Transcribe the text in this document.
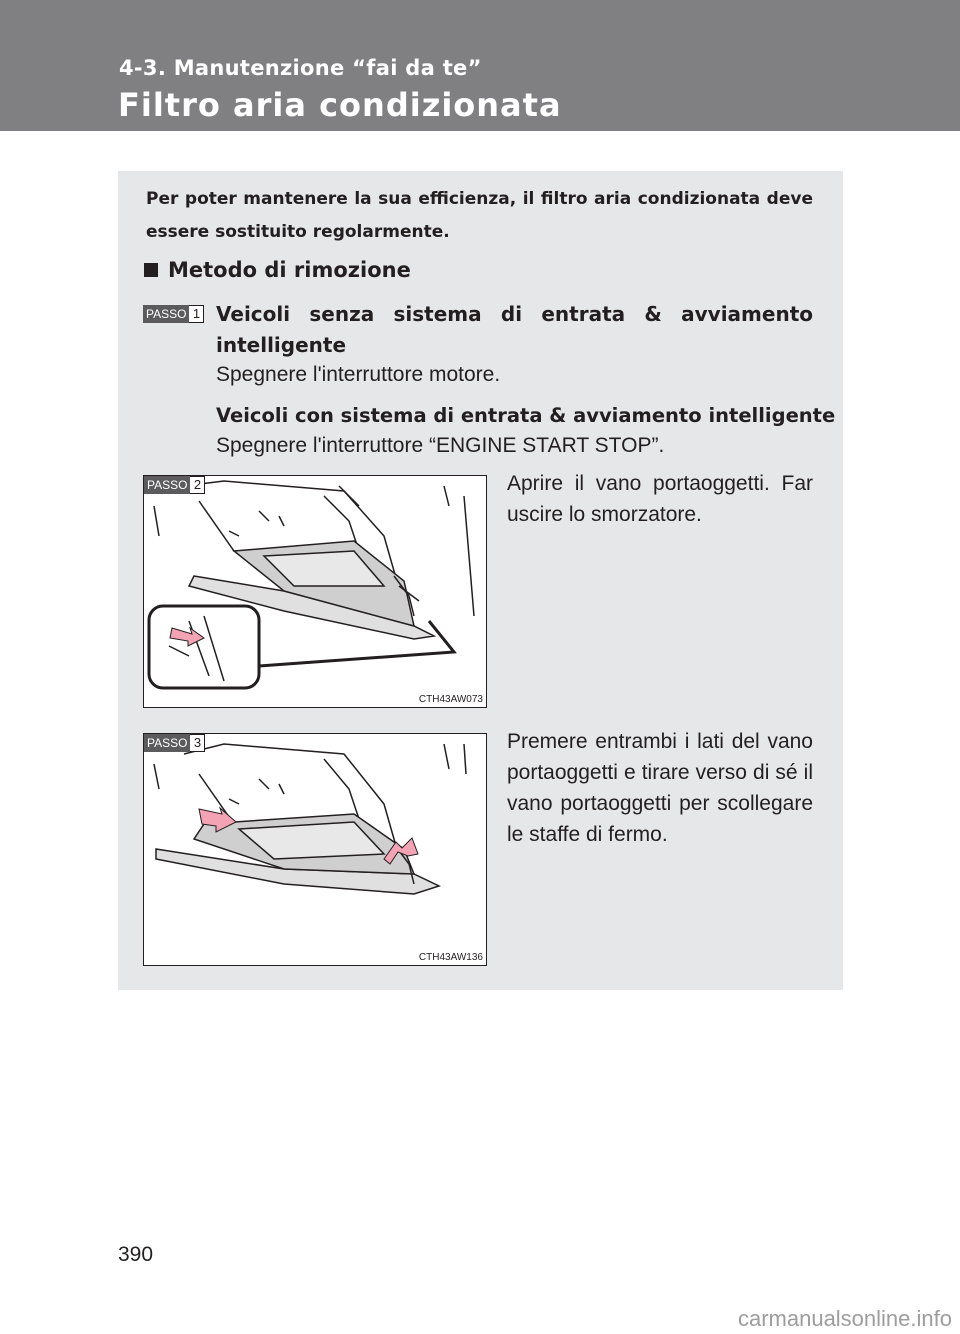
4-3. Manutenzione “fai da te”
Filtro aria condizionata
Per poter mantenere la sua efficienza, il filtro aria condizionata deve essere sostituito regolarmente.
Metodo di rimozione
PASSO 1 Veicoli senza sistema di entrata & avviamento intelligente
Spegnere l'interruttore motore.
Veicoli con sistema di entrata & avviamento intelligente
Spegnere l'interruttore “ENGINE START STOP”.
PASSO 2
CTH43AW073
Aprire il vano portaoggetti. Far uscire lo smorzatore.
PASSO 3
CTH43AW136
Premere entrambi i lati del vano portaoggetti e tirare verso di sé il vano portaoggetti per scollegare le staffe di fermo.
390
carmanualsonline.info
